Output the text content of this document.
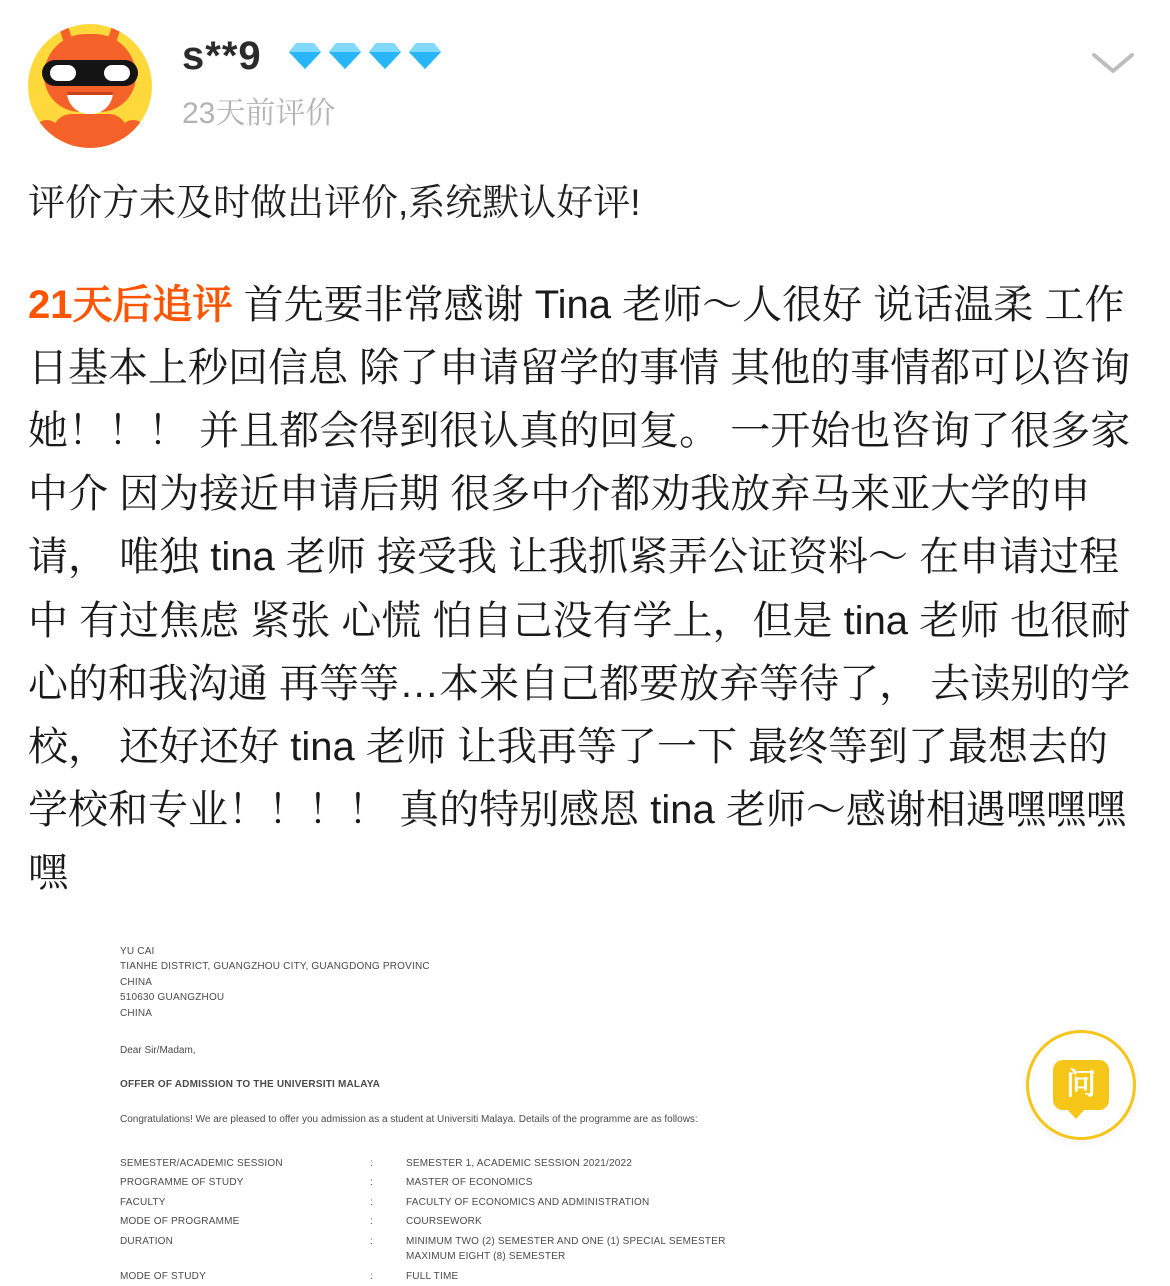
s**9
23天前评价

评价方未及时做出评价,系统默认好评!

21天后追评 首先要非常感谢 Tina 老师～人很好 说话温柔 工作日基本上秒回信息 除了申请留学的事情 其他的事情都可以咨询她！！！ 并且都会得到很认真的回复。 一开始也咨询了很多家中介 因为接近申请后期 很多中介都劝我放弃马来亚大学的申请， 唯独 tina 老师 接受我 让我抓紧弄公证资料～ 在申请过程中 有过焦虑 紧张 心慌 怕自己没有学上，但是 tina 老师 也很耐心的和我沟通 再等等…本来自己都要放弃等待了， 去读别的学校， 还好还好 tina 老师 让我再等了一下 最终等到了最想去的学校和专业！！！！ 真的特别感恩 tina 老师～感谢相遇嘿嘿嘿嘿

YU CAI
TIANHE DISTRICT, GUANGZHOU CITY, GUANGDONG PROVINC
CHINA
510630 GUANGZHOU
CHINA
Dear Sir/Madam,
OFFER OF ADMISSION TO THE UNIVERSITI MALAYA
Congratulations! We are pleased to offer you admission as a student at Universiti Malaya. Details of the programme are as follows:
SEMESTER/ACADEMIC SESSION	:	SEMESTER 1, ACADEMIC SESSION 2021/2022
PROGRAMME OF STUDY	:	MASTER OF ECONOMICS
FACULTY	:	FACULTY OF ECONOMICS AND ADMINISTRATION
MODE OF PROGRAMME	:	COURSEWORK
DURATION	:	MINIMUM TWO (2) SEMESTER AND ONE (1) SPECIAL SEMESTER
MAXIMUM EIGHT (8) SEMESTER

MODE OF STUDY	:	FULL TIME
问
